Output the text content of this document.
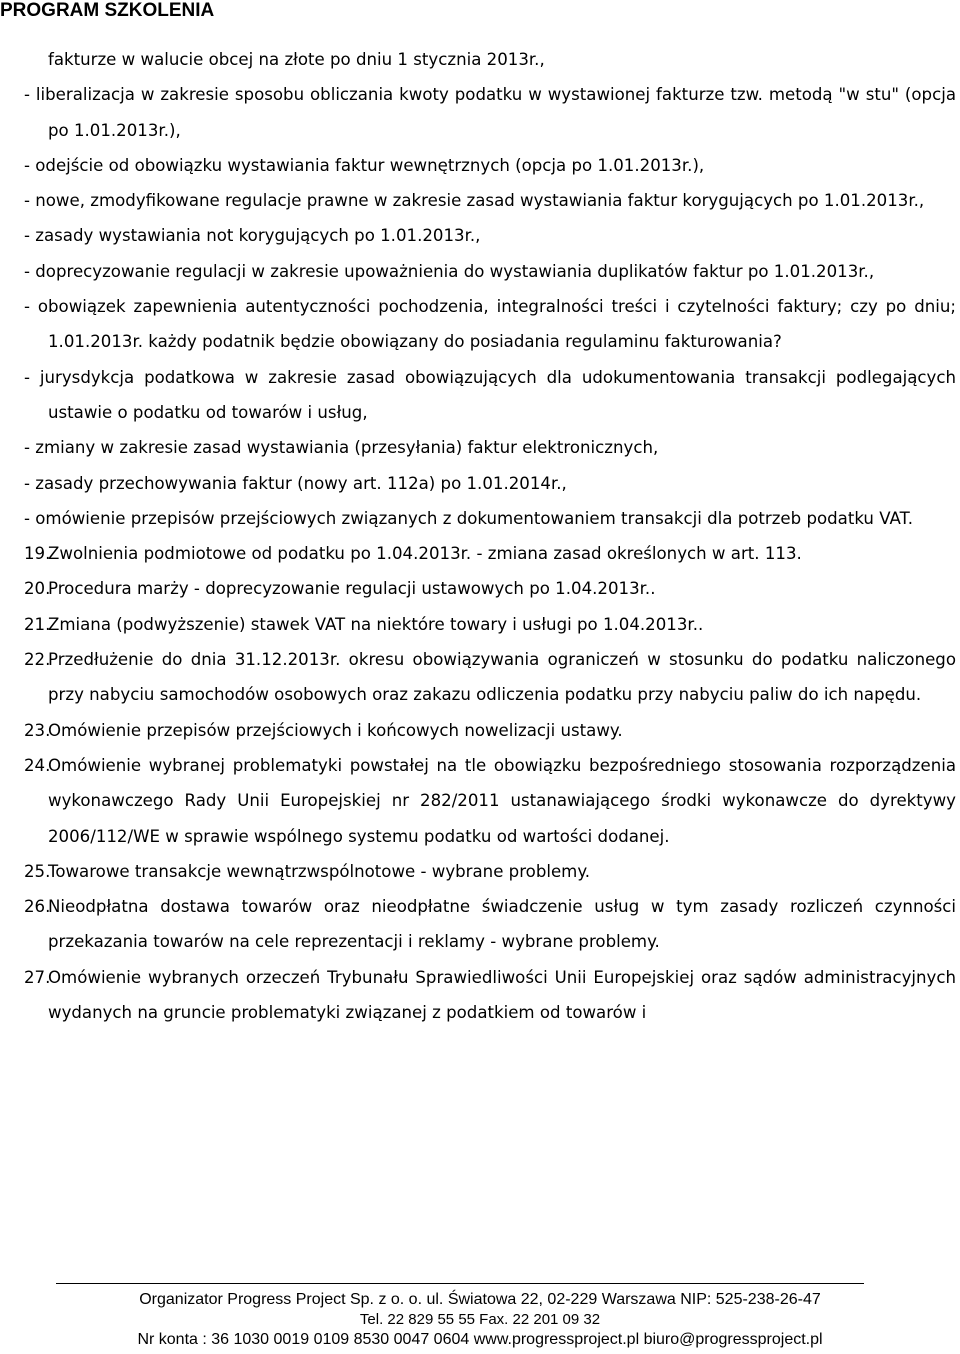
PROGRAM SZKOLENIA

fakturze w walucie obcej na złote po dniu 1 stycznia 2013r.,

- liberalizacja w zakresie sposobu obliczania kwoty podatku w wystawionej fakturze tzw. metodą "w stu" (opcja po 1.01.2013r.),

- odejście od obowiązku wystawiania faktur wewnętrznych (opcja po 1.01.2013r.),

- nowe, zmodyfikowane regulacje prawne w zakresie zasad wystawiania faktur korygujących po 1.01.2013r.,

- zasady wystawiania not korygujących po 1.01.2013r.,

- doprecyzowanie regulacji w zakresie upoważnienia do wystawiania duplikatów faktur po 1.01.2013r.,

- obowiązek zapewnienia autentyczności pochodzenia, integralności treści i czytelności faktury; czy po dniu; 1.01.2013r. każdy podatnik będzie obowiązany do posiadania regulaminu fakturowania?

- jurysdykcja podatkowa w zakresie zasad obowiązujących dla udokumentowania transakcji podlegających ustawie o podatku od towarów i usług,

- zmiany w zakresie zasad wystawiania (przesyłania) faktur elektronicznych,

- zasady przechowywania faktur (nowy art. 112a) po 1.01.2014r.,

- omówienie przepisów przejściowych związanych z dokumentowaniem transakcji dla potrzeb podatku VAT.

19.
Zwolnienia podmiotowe od podatku po 1.04.2013r. - zmiana zasad określonych w art. 113.

20.
Procedura marży - doprecyzowanie regulacji ustawowych po 1.04.2013r..

21.
Zmiana (podwyższenie) stawek VAT na niektóre towary i usługi po 1.04.2013r..

22.
Przedłużenie do dnia 31.12.2013r. okresu obowiązywania ograniczeń w stosunku do podatku naliczonego przy nabyciu samochodów osobowych oraz zakazu odliczenia podatku przy nabyciu paliw do ich napędu.

23.
Omówienie przepisów przejściowych i końcowych nowelizacji ustawy.

24.
Omówienie wybranej problematyki powstałej na tle obowiązku bezpośredniego stosowania rozporządzenia wykonawczego Rady Unii Europejskiej nr 282/2011 ustanawiającego środki wykonawcze do dyrektywy 2006/112/WE w sprawie wspólnego systemu podatku od wartości dodanej.

25.
Towarowe transakcje wewnątrzwspólnotowe - wybrane problemy.

26.
Nieodpłatna dostawa towarów oraz nieodpłatne świadczenie usług w tym zasady rozliczeń czynności przekazania towarów na cele reprezentacji i reklamy - wybrane problemy.

27.
Omówienie wybranych orzeczeń Trybunału Sprawiedliwości Unii Europejskiej oraz sądów administracyjnych wydanych na gruncie problematyki związanej z podatkiem od towarów i

Organizator Progress Project Sp. z o. o. ul. Światowa 22, 02-229 Warszawa NIP: 525-238-26-47

Tel. 22 829 55 55 Fax. 22 201 09 32

Nr konta : 36 1030 0019 0109 8530 0047 0604 www.progressproject.pl biuro@progressproject.pl
